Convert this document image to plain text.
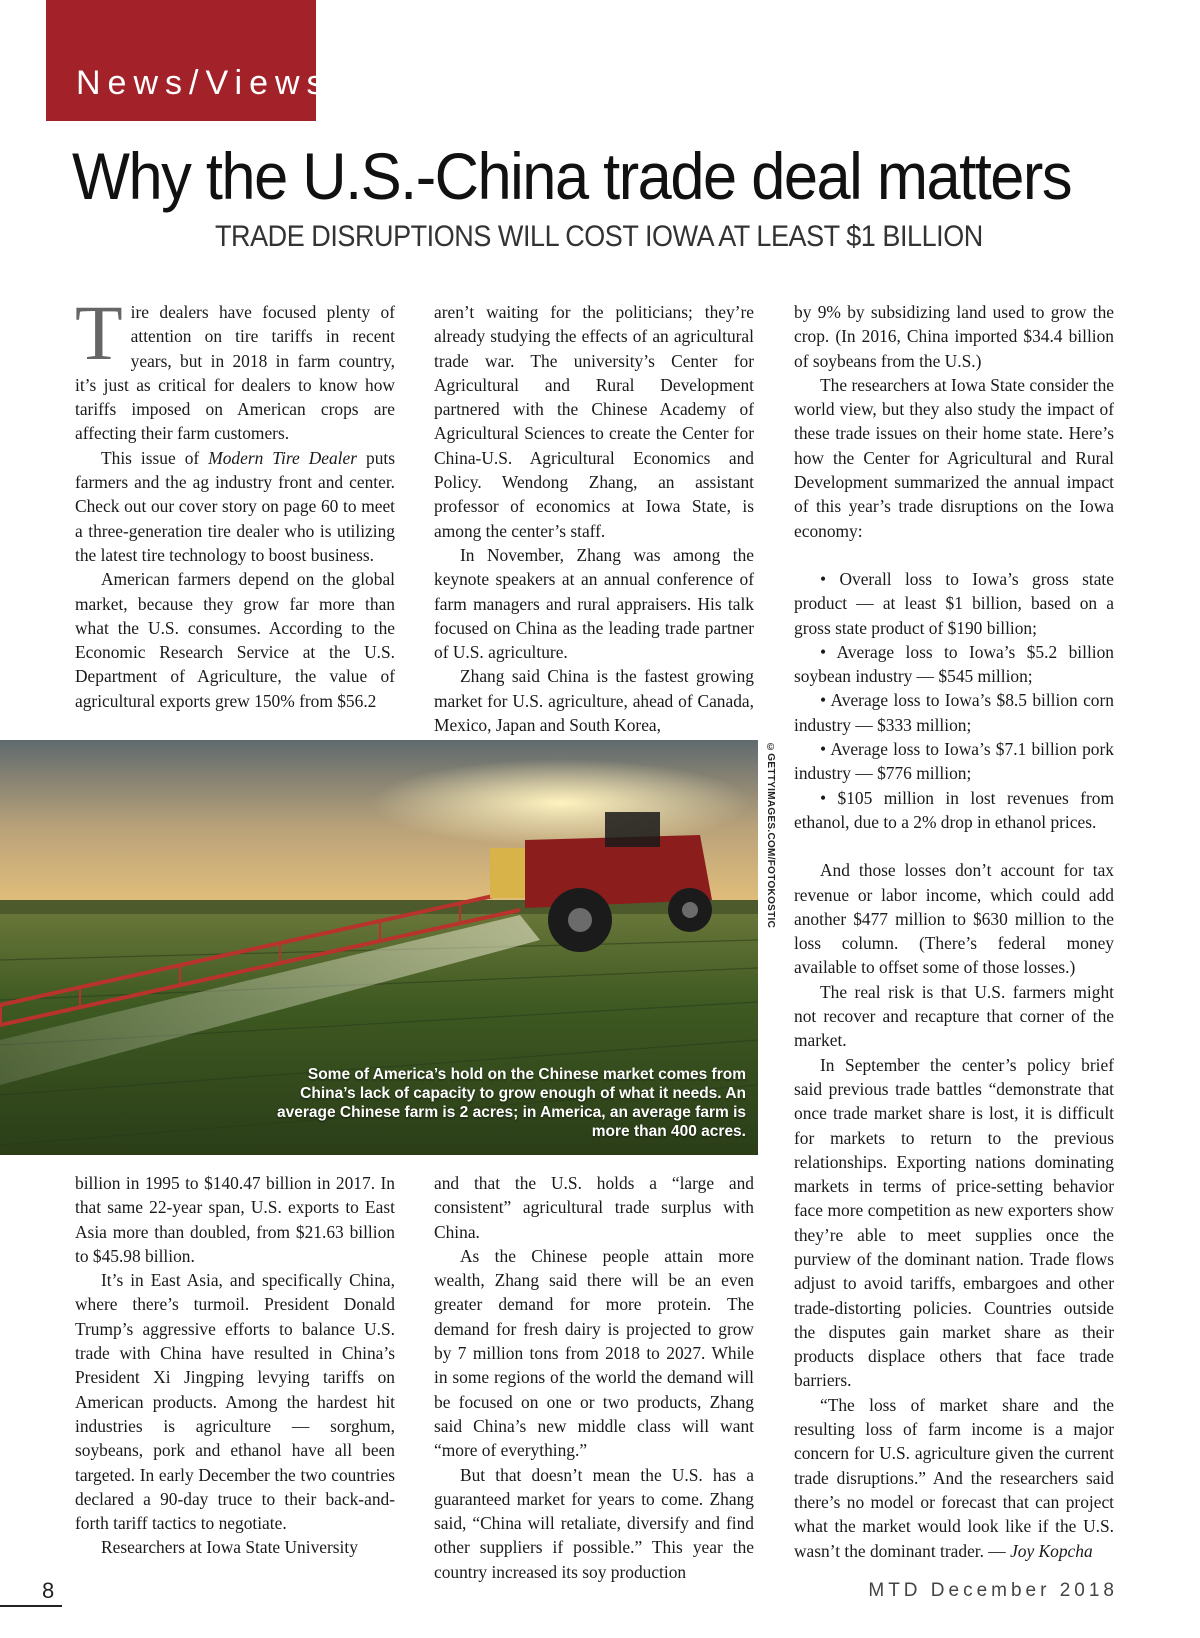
News/Views
Why the U.S.-China trade deal matters
TRADE DISRUPTIONS WILL COST IOWA AT LEAST $1 BILLION

Tire dealers have focused plenty of attention on tire tariffs in recent years, but in 2018 in farm country, it’s just as critical for dealers to know how tariffs imposed on American crops are affecting their farm customers.

This issue of Modern Tire Dealer puts farmers and the ag industry front and center. Check out our cover story on page 60 to meet a three-generation tire dealer who is utilizing the latest tire technology to boost business.

American farmers depend on the global market, because they grow far more than what the U.S. consumes. According to the Economic Research Service at the U.S. Department of Agriculture, the value of agricultural exports grew 150% from $56.2

aren’t waiting for the politicians; they’re already studying the effects of an agricultural trade war. The university’s Center for Agricultural and Rural Development partnered with the Chinese Academy of Agricultural Sciences to create the Center for China-U.S. Agricultural Economics and Policy. Wendong Zhang, an assistant professor of economics at Iowa State, is among the center’s staff.

In November, Zhang was among the keynote speakers at an annual conference of farm managers and rural appraisers. His talk focused on China as the leading trade partner of U.S. agriculture.

Zhang said China is the fastest growing market for U.S. agriculture, ahead of Canada, Mexico, Japan and South Korea,

by 9% by subsidizing land used to grow the crop. (In 2016, China imported $34.4 billion of soybeans from the U.S.)

The researchers at Iowa State consider the world view, but they also study the impact of these trade issues on their home state. Here’s how the Center for Agricultural and Rural Development summarized the annual impact of this year’s trade disruptions on the Iowa economy:

• Overall loss to Iowa’s gross state product — at least $1 billion, based on a gross state product of $190 billion;

• Average loss to Iowa’s $5.2 billion soybean industry — $545 million;

• Average loss to Iowa’s $8.5 billion corn industry — $333 million;

• Average loss to Iowa’s $7.1 billion pork industry — $776 million;

• $105 million in lost revenues from ethanol, due to a 2% drop in ethanol prices.

And those losses don’t account for tax revenue or labor income, which could add another $477 million to $630 million to the loss column. (There’s federal money available to offset some of those losses.)

The real risk is that U.S. farmers might not recover and recapture that corner of the market.

In September the center’s policy brief said previous trade battles “demonstrate that once trade market share is lost, it is difficult for markets to return to the previous relationships. Exporting nations dominating markets in terms of price-setting behavior face more competition as new exporters show they’re able to meet supplies once the purview of the dominant nation. Trade flows adjust to avoid tariffs, embargoes and other trade-distorting policies. Countries outside the disputes gain market share as their products displace others that face trade barriers.

“The loss of market share and the resulting loss of farm income is a major concern for U.S. agriculture given the current trade disruptions.” And the researchers said there’s no model or forecast that can project what the market would look like if the U.S. wasn’t the dominant trader. — Joy Kopcha

Some of America’s hold on the Chinese market comes from China’s lack of capacity to grow enough of what it needs. An average Chinese farm is 2 acres; in America, an average farm is more than 400 acres.
©GETTYIMAGES.COM/FOTOKOSTIC

billion in 1995 to $140.47 billion in 2017. In that same 22-year span, U.S. exports to East Asia more than doubled, from $21.63 billion to $45.98 billion.

It’s in East Asia, and specifically China, where there’s turmoil. President Donald Trump’s aggressive efforts to balance U.S. trade with China have resulted in China’s President Xi Jingping levying tariffs on American products. Among the hardest hit industries is agriculture — sorghum, soybeans, pork and ethanol have all been targeted. In early December the two countries declared a 90-day truce to their back-and-forth tariff tactics to negotiate.

Researchers at Iowa State University

and that the U.S. holds a “large and consistent” agricultural trade surplus with China.

As the Chinese people attain more wealth, Zhang said there will be an even greater demand for more protein. The demand for fresh dairy is projected to grow by 7 million tons from 2018 to 2027. While in some regions of the world the demand will be focused on one or two products, Zhang said China’s new middle class will want “more of everything.”

But that doesn’t mean the U.S. has a guaranteed market for years to come. Zhang said, “China will retaliate, diversify and find other suppliers if possible.” This year the country increased its soy production

8	MTD December 2018
